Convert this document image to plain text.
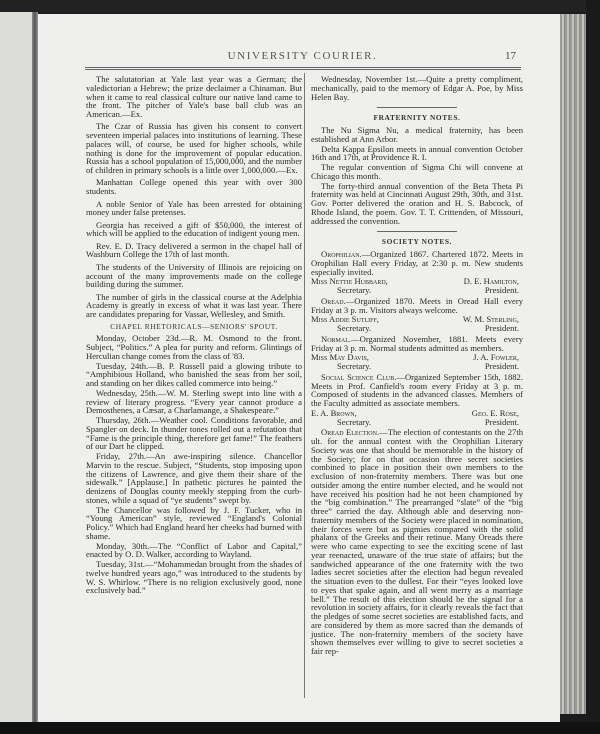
UNIVERSITY COURIER.	17

The salutatorian at Yale last year was a German; the valedictorian a Hebrew; the prize declaimer a Chinaman. But when it came to real classical culture our native land came to the front. The pitcher of Yale's base ball club was an American.—Ex.

The Czar of Russia has given his consent to convert seventeen imperial palaces into institutions of learning. These palaces will, of course, be used for higher schools, while nothing is done for the improvement of popular education. Russia has a school population of 15,000,000, and the number of children in primary schools is a little over 1,000,000.—Ex.

Manhattan College opened this year with over 300 students.

A noble Senior of Yale has been arrested for obtaining money under false pretenses.

Georgia has received a gift of $50,000, the interest of which will be applied to the education of indigent young men.

Rev. E. D. Tracy delivered a sermon in the chapel hall of Washburn College the 17th of last month.

The students of the University of Illinois are rejoicing on account of the many improvements made on the college building during the summer.

The number of girls in the classical course at the Adelphia Academy is greatly in excess of what it was last year. There are candidates preparing for Vassar, Wellesley, and Smith.

CHAPEL RHETORICALS—SENIORS' SPOUT.

Monday, October 23d.—R. M. Osmond to the front. Subject, “Politics.” A plea for purity and reform. Glintings of Herculian change comes from the class of '83.

Tuesday, 24th.—B. P. Russell paid a glowing tribute to “Amphibious Holland, who banished the seas from her soil, and standing on her dikes called commerce into being.”

Wednesday, 25th.—W. M. Sterling swept into line with a review of literary progress. “Every year cannot produce a Demosthenes, a Cæsar, a Charlamange, a Shakespeare.”

Thursday, 26th.—Weather cool. Conditions favorable, and Spangler on deck. In thunder tones rolled out a refutation that “Fame is the principle thing, therefore get fame!” The feathers of our Dart he clipped.

Friday, 27th.—An awe-inspiring silence. Chancellor Marvin to the rescue. Subject, “Students, stop imposing upon the citizens of Lawrence, and give them their share of the sidewalk.” [Applause.] In pathetic pictures he painted the denizens of Douglas county meekly stepping from the curb-stones, while a squad of “ye students” swept by.

The Chancellor was followed by J. F. Tucker, who in “Young American” style, reviewed “England's Colonial Policy.” Which had England heard her cheeks had burned with shame.

Monday, 30th.—The “Conflict of Labor and Capital,” enacted by O. D. Walker, according to Wayland.

Tuesday, 31st.—“Mohammedan brought from the shades of twelve hundred years ago,” was introduced to the students by W. S. Whirlow. “There is no religion exclusively good, none exclusively bad.”

Wednesday, November 1st.—Quite a pretty compliment, mechanically, paid to the memory of Edgar A. Poe, by Miss Helen Bay.

FRATERNITY NOTES.

The Nu Sigma Nu, a medical fraternity, has been established at Ann Arbor.

Delta Kappa Epsilon meets in annual convention October 16th and 17th, at Providence R. I.

The regular convention of Sigma Chi will convene at Chicago this month.

The forty-third annual convention of the Beta Theta Pi fraternity was held at Cincinnati August 29th, 30th, and 31st. Gov. Porter delivered the oration and H. S. Babcock, of Rhode Island, the poem. Gov. T. T. Crittenden, of Missouri, addressed the convention.

SOCIETY NOTES.

Orophilian.—Organized 1867. Chartered 1872. Meets in Orophilian Hall every Friday, at 2:30 p. m. New students especially invited.

Miss Nettie Hubbard,	D. E. Hamilton,
Secretary.	President.

Oread.—Organized 1870. Meets in Oread Hall every Friday at 3 p. m. Visitors always welcome.

Miss Addie Sutliff,	W. M. Sterling,
Secretary.	President.

Normal.—Organized November, 1881. Meets every Friday at 3 p. m. Normal students admitted as members.

Miss May Davis,	J. A. Fowler,
Secretary.	President.

Social Science Club.—Organized September 15th, 1882. Meets in Prof. Canfield's room every Friday at 3 p. m. Composed of students in the advanced classes. Members of the Faculty admitted as associate members.

E. A. Brown,	Geo. E. Rose,
Secretary.	President.

Oread Election.—The election of contestants on the 27th ult. for the annual contest with the Orophilian Literary Society was one that should be memorable in the history of the Society; for on that occasion three secret societies combined to place in position their own members to the exclusion of non-fraternity members. There was but one outsider among the entire number elected, and he would not have received his position had he not been championed by the “big combination.” The prearranged “slate” of the “big three” carried the day. Although able and deserving non-fraternity members of the Society were placed in nomination, their forces were but as pigmies compared with the solid phalanx of the Greeks and their retinue. Many Oreads there were who came expecting to see the exciting scene of last year reenacted, unaware of the true state of affairs; but the sandwiched appearance of the one fraternity with the two ladies secret societies after the election had begun revealed the situation even to the dullest. For their “eyes looked love to eyes that spake again, and all went merry as a marriage bell.” The result of this election should be the signal for a revolution in society affairs, for it clearly reveals the fact that the pledges of some secret societies are established facts, and are considered by them as more sacred than the demands of justice. The non-fraternity members of the society have shown themselves ever willing to give to secret societies a fair rep-
